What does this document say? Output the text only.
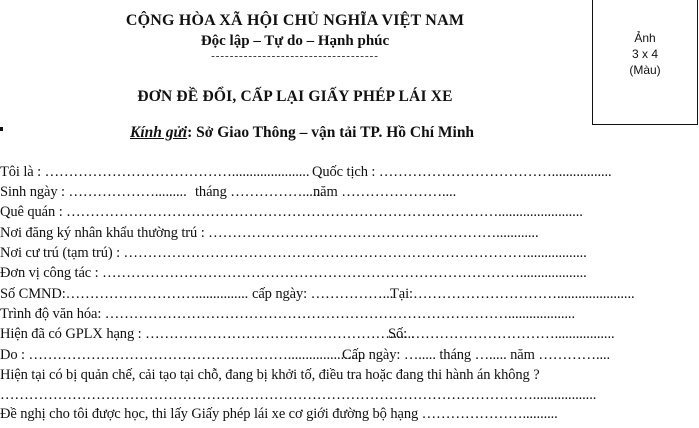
CỘNG HÒA XÃ HỘI CHỦ NGHĨA VIỆT NAM
Độc lập – Tự do – Hạnh phúc
------------------------------------
Ảnh
3 x 4
(Màu)
ĐƠN ĐỀ ĐỔI, CẤP LẠI GIẤY PHÉP LÁI XE
Kính gửi: Sở Giao Thông – vận tải TP. Hồ Chí Minh
Tôi là : …………………………………...................... Quốc tịch : ……………………………….................
Sinh ngày : ………………......... tháng ……………......
năm …………………....
Quê quán : ………………………………………………………………………………........................
Nơi đăng ký nhân khẩu thường trú : ……………………………………………………............
Nơi cư trú (tạm trú) : ………………………………………………………………………….................
Đơn vị công tác : ……………………………………………………………………………...................
Số CMND:………………………............... cấp ngày: ……………...
Tại:…………………………......................
Trình độ văn hóa: …………………………………………………………………………...................
Hiện đã có GPLX hạng : …………………………………………….......
Số: ………………………….................
Do : ………………………………………………......................
Cấp ngày: …..... tháng …..... năm …………....
Hiện tại có bị quản chế, cải tạo tại chỗ, đang bị khởi tố, điều tra hoặc đang thi hành án không ?
…………………………………………………………………………………………………..................
Đề nghị cho tôi được học, thi lấy Giấy phép lái xe cơ giới đường bộ hạng …………………..........
